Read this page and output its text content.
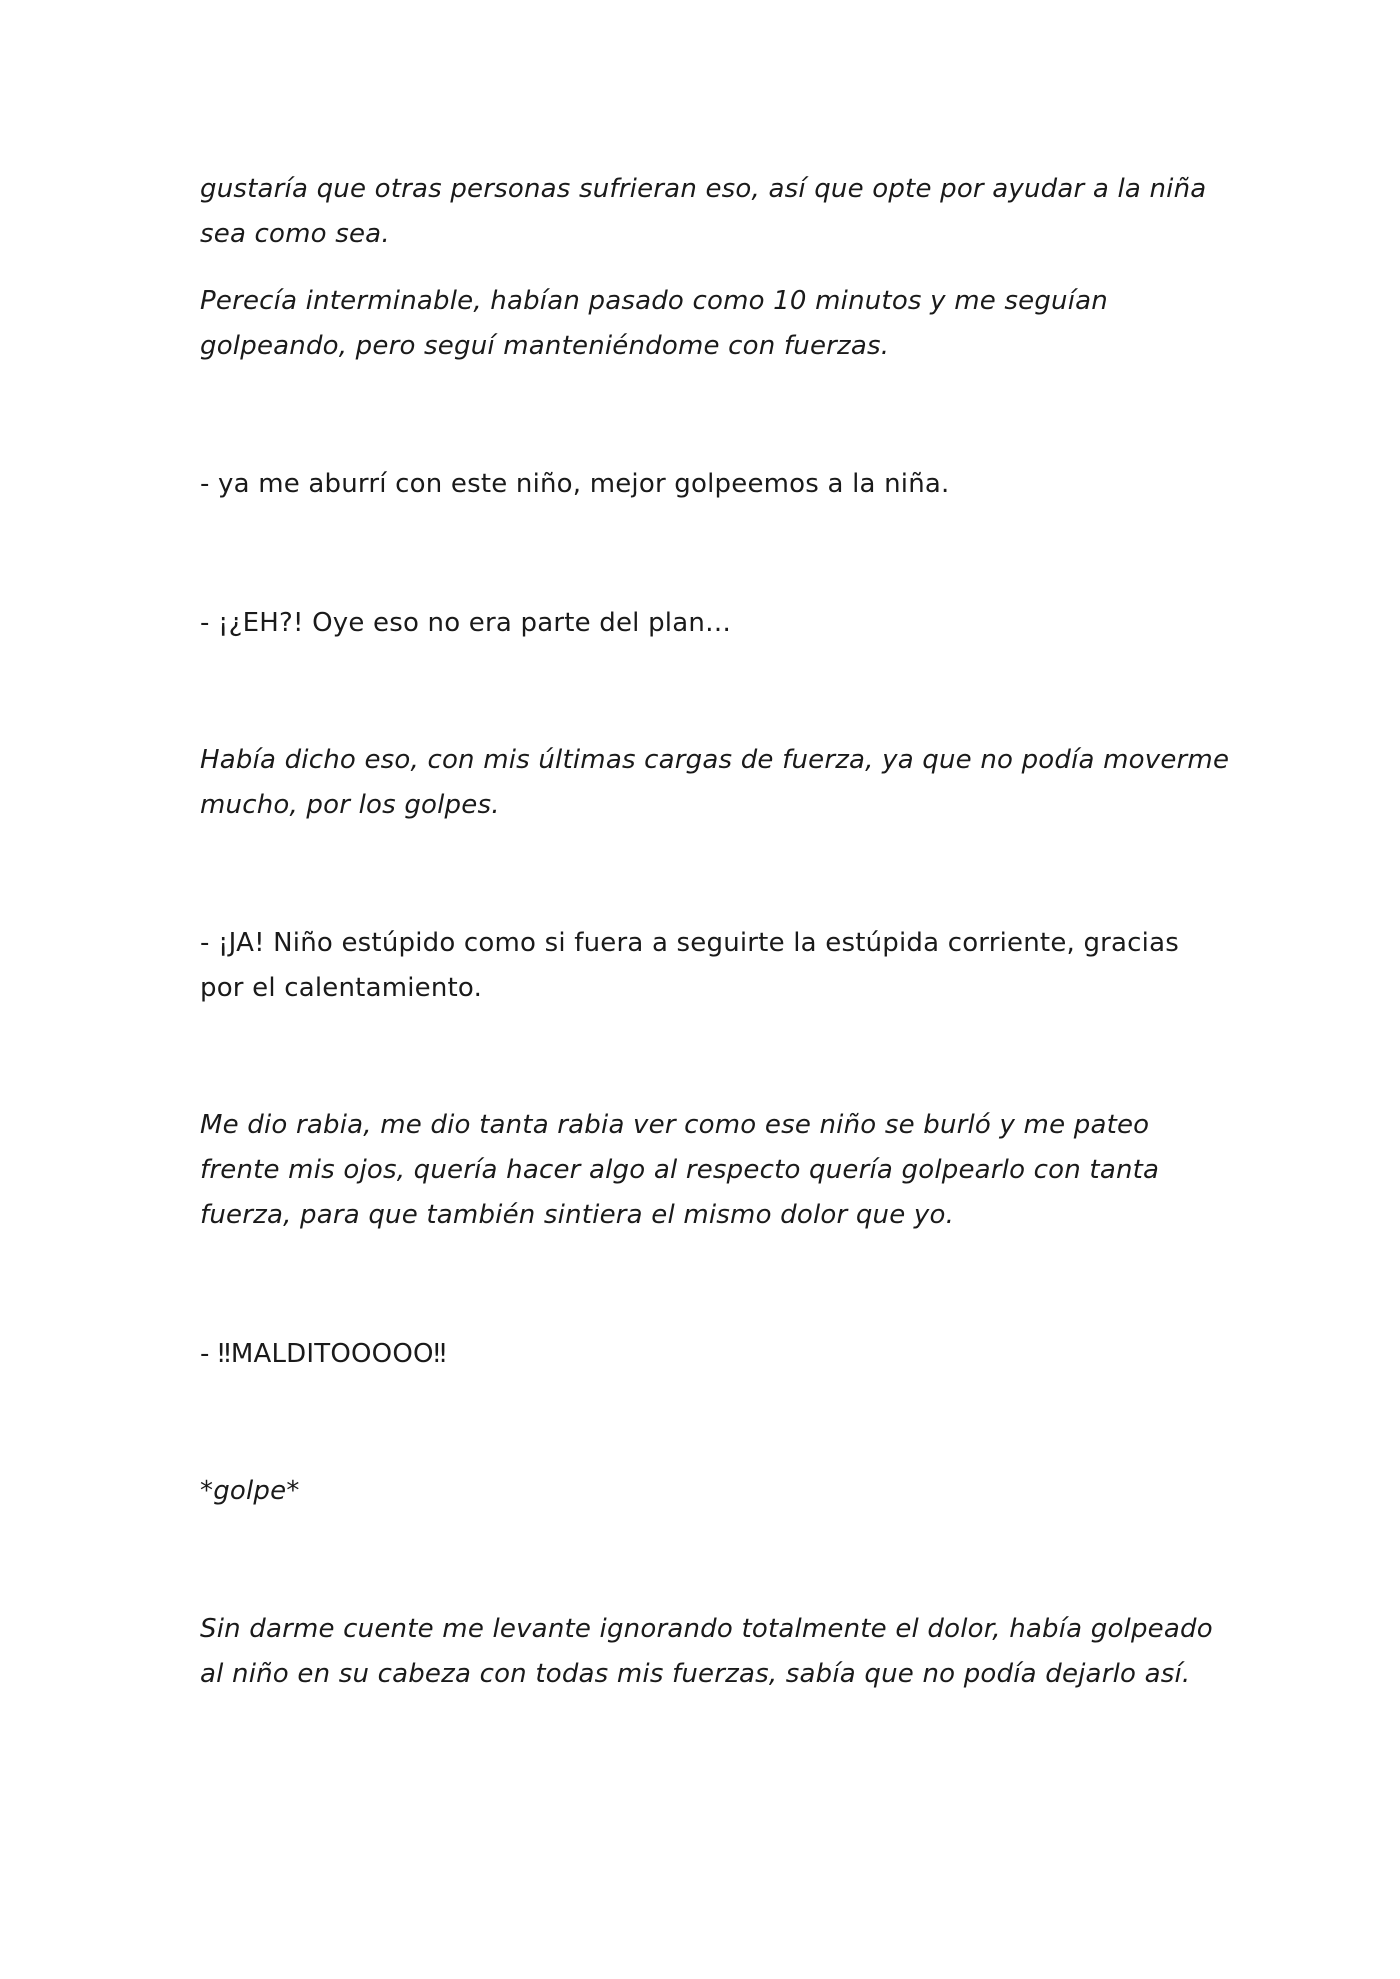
gustaría que otras personas sufrieran eso, así que opte por ayudar a la niña
sea como sea.

Perecía interminable, habían pasado como 10 minutos y me seguían
golpeando, pero seguí manteniéndome con fuerzas.

- ya me aburrí con este niño, mejor golpeemos a la niña.

- ¡¿EH?! Oye eso no era parte del plan…

Había dicho eso, con mis últimas cargas de fuerza, ya que no podía moverme
mucho, por los golpes.

- ¡JA! Niño estúpido como si fuera a seguirte la estúpida corriente, gracias
por el calentamiento.

Me dio rabia, me dio tanta rabia ver como ese niño se burló y me pateo
frente mis ojos, quería hacer algo al respecto quería golpearlo con tanta
fuerza, para que también sintiera el mismo dolor que yo.

- ‼MALDITOOOOO‼

*golpe*

Sin darme cuente me levante ignorando totalmente el dolor, había golpeado
al niño en su cabeza con todas mis fuerzas, sabía que no podía dejarlo así.
